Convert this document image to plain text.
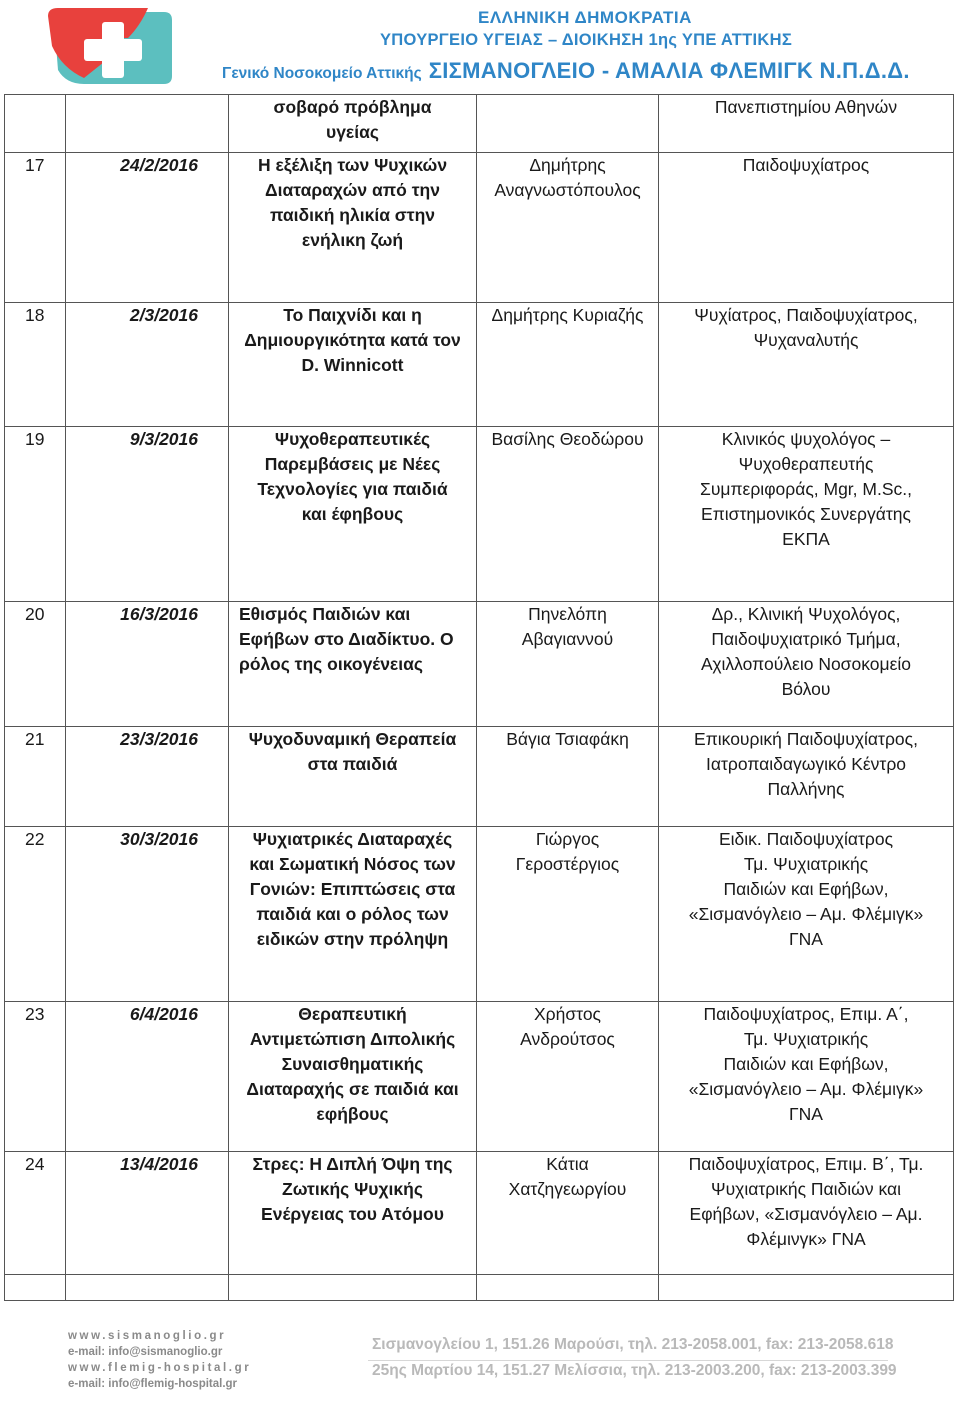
ΕΛΛΗΝΙΚΗ ΔΗΜΟΚΡΑΤΙΑ
ΥΠΟΥΡΓΕΙΟ ΥΓΕΙΑΣ – ΔΙΟΙΚΗΣΗ 1ης ΥΠΕ ΑΤΤΙΚΗΣ
Γενικό Νοσοκομείο Αττικής ΣΙΣΜΑΝΟΓΛΕΙΟ - ΑΜΑΛΙΑ ΦΛΕΜΙΓΚ Ν.Π.Δ.Δ.

		σοβαρό πρόβλημα
υγείας		Πανεπιστημίου Αθηνών

17	24/2/2016	Η εξέλιξη των Ψυχικών
Διαταραχών από την
παιδική ηλικία στην
ενήλικη ζωή	Δημήτρης
Αναγνωστόπουλος	Παιδοψυχίατρος

18	2/3/2016	Το Παιχνίδι και η
Δημιουργικότητα κατά τον
D. Winnicott	Δημήτρης Κυριαζής	Ψυχίατρος, Παιδοψυχίατρος,
Ψυχαναλυτής

19	9/3/2016	Ψυχοθεραπευτικές
Παρεμβάσεις με Νέες
Τεχνολογίες για παιδιά
και έφηβους	Βασίλης Θεοδώρου	Κλινικός ψυχολόγος –
Ψυχοθεραπευτής
Συμπεριφοράς, Mgr, M.Sc.,
Επιστημονικός Συνεργάτης
ΕΚΠΑ

20	16/3/2016	Εθισμός Παιδιών και
Εφήβων στο Διαδίκτυο. Ο
ρόλος της οικογένειας	Πηνελόπη
Αβαγιαννού	Δρ., Κλινική Ψυχολόγος,
Παιδοψυχιατρικό Τμήμα,
Αχιλλοπούλειο Νοσοκομείο
Βόλου

21	23/3/2016	Ψυχοδυναμική Θεραπεία
στα παιδιά	Βάγια Τσιαφάκη	Επικουρική Παιδοψυχίατρος,
Ιατροπαιδαγωγικό Κέντρο
Παλλήνης

22	30/3/2016	Ψυχιατρικές Διαταραχές
και Σωματική Νόσος των
Γονιών: Επιπτώσεις στα
παιδιά και ο ρόλος των
ειδικών στην πρόληψη	Γιώργος
Γεροστέργιος	Ειδικ. Παιδοψυχίατρος
Τμ. Ψυχιατρικής
Παιδιών και Εφήβων,
«Σισμανόγλειο – Αμ. Φλέμιγκ»
ΓΝΑ

23	6/4/2016	Θεραπευτική
Αντιμετώπιση Διπολικής
Συναισθηματικής
Διαταραχής σε παιδιά και
εφήβους	Χρήστος
Ανδρούτσος	Παιδοψυχίατρος, Επιμ. Α΄,
Τμ. Ψυχιατρικής
Παιδιών και Εφήβων,
«Σισμανόγλειο – Αμ. Φλέμιγκ»
ΓΝΑ

24	13/4/2016	Στρες: Η Διπλή Όψη της
Ζωτικής Ψυχικής
Ενέργειας του Ατόμου	Κάτια
Χατζηγεωργίου	Παιδοψυχίατρος, Επιμ. Β΄, Τμ.
Ψυχιατρικής Παιδιών και
Εφήβων, «Σισμανόγλειο – Αμ.
Φλέμινγκ» ΓΝΑ

www.sismanoglio.gr
e-mail: info@sismanoglio.gr
www.flemig-hospital.gr
e-mail: info@flemig-hospital.gr
Σισμανογλείου 1, 151.26 Μαρούσι, τηλ. 213-2058.001, fax: 213-2058.618
25ης Μαρτίου 14, 151.27 Μελίσσια, τηλ. 213-2003.200, fax: 213-2003.399
